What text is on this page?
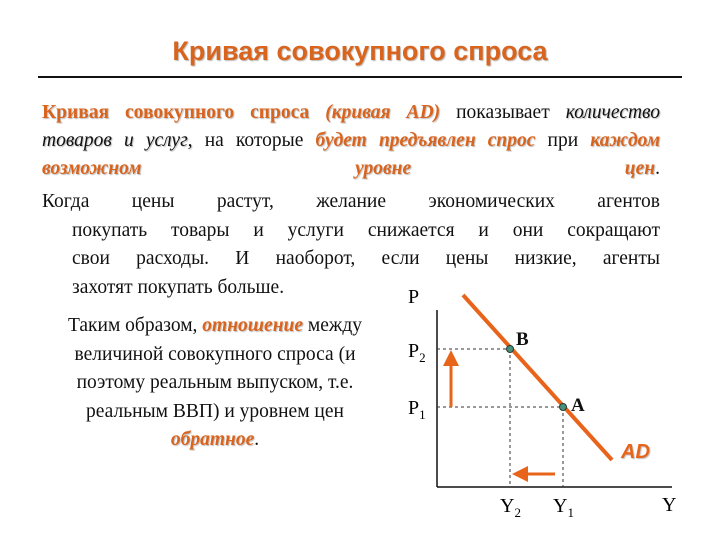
Кривая совокупного спроса
Кривая совокупного спроса (кривая AD) показывает количество товаров и услуг, на которые будет предъявлен спрос при каждом возможном уровне цен.
Когда цены растут, желание экономических агентов
покупать товары и услуги снижается и они сокращают
свои расходы. И наоборот, если цены низкие, агенты
захотят покупать больше.
Таким образом, отношение между величиной совокупного спроса (и поэтому реальным выпуском, т.е. реальным ВВП) и уровнем цен обратное.
P
Y
$P_2$
$P_1$
$Y_2$ $Y_1$
B
A
AD
